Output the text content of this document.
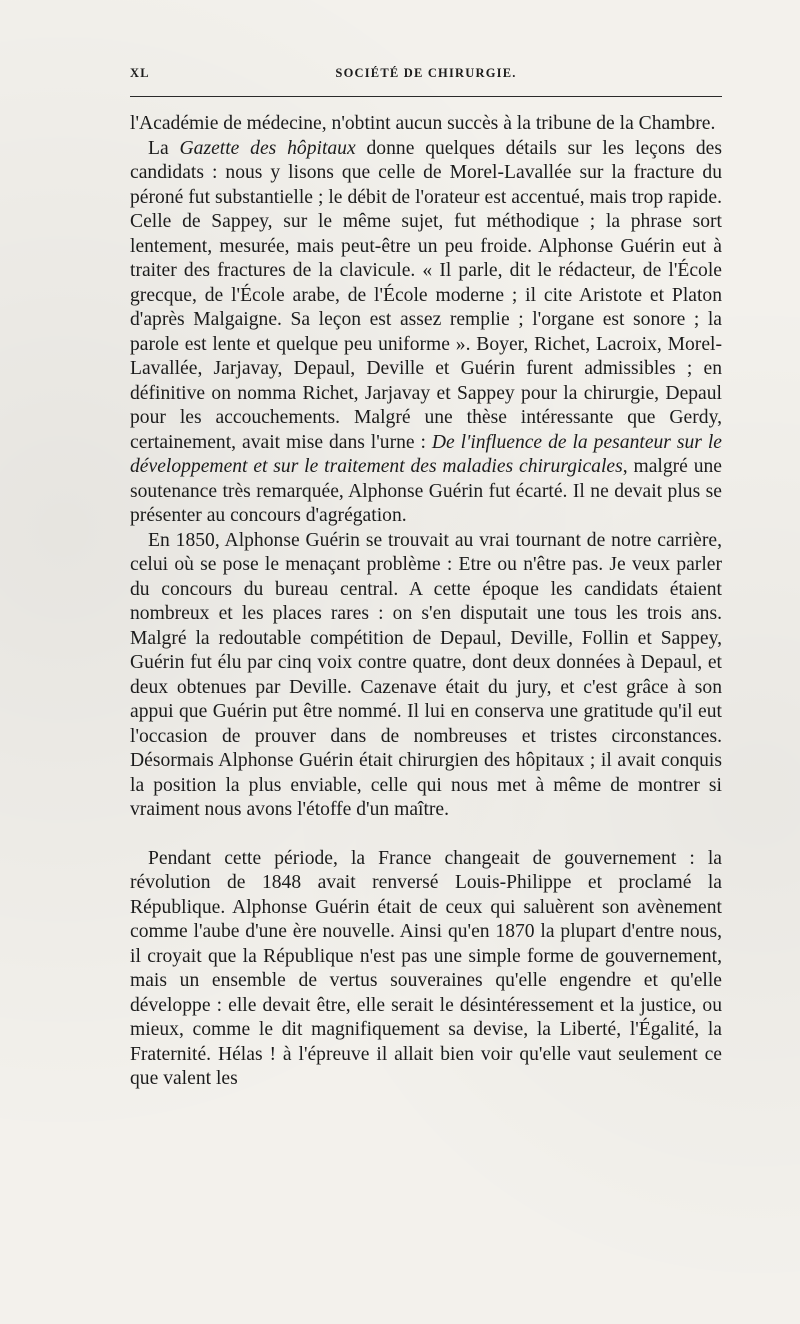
XL	SOCIÉTÉ DE CHIRURGIE.

l'Académie de médecine, n'obtint aucun succès à la tribune de la Chambre.

La Gazette des hôpitaux donne quelques détails sur les leçons des candidats : nous y lisons que celle de Morel-Lavallée sur la fracture du péroné fut substantielle ; le débit de l'orateur est accentué, mais trop rapide. Celle de Sappey, sur le même sujet, fut méthodique ; la phrase sort lentement, mesurée, mais peut-être un peu froide. Alphonse Guérin eut à traiter des fractures de la clavicule. « Il parle, dit le rédacteur, de l'École grecque, de l'École arabe, de l'École moderne ; il cite Aristote et Platon d'après Malgaigne. Sa leçon est assez remplie ; l'organe est sonore ; la parole est lente et quelque peu uniforme ». Boyer, Richet, Lacroix, Morel-Lavallée, Jarjavay, Depaul, Deville et Guérin furent admissibles ; en définitive on nomma Richet, Jarjavay et Sappey pour la chirurgie, Depaul pour les accouchements. Malgré une thèse intéressante que Gerdy, certainement, avait mise dans l'urne : De l'influence de la pesanteur sur le développement et sur le traitement des maladies chirurgicales, malgré une soutenance très remarquée, Alphonse Guérin fut écarté. Il ne devait plus se présenter au concours d'agrégation.

En 1850, Alphonse Guérin se trouvait au vrai tournant de notre carrière, celui où se pose le menaçant problème : Etre ou n'être pas. Je veux parler du concours du bureau central. A cette époque les candidats étaient nombreux et les places rares : on s'en disputait une tous les trois ans. Malgré la redoutable compétition de Depaul, Deville, Follin et Sappey, Guérin fut élu par cinq voix contre quatre, dont deux données à Depaul, et deux obtenues par Deville. Cazenave était du jury, et c'est grâce à son appui que Guérin put être nommé. Il lui en conserva une gratitude qu'il eut l'occasion de prouver dans de nombreuses et tristes circonstances. Désormais Alphonse Guérin était chirurgien des hôpitaux ; il avait conquis la position la plus enviable, celle qui nous met à même de montrer si vraiment nous avons l'étoffe d'un maître.

Pendant cette période, la France changeait de gouvernement : la révolution de 1848 avait renversé Louis-Philippe et proclamé la République. Alphonse Guérin était de ceux qui saluèrent son avènement comme l'aube d'une ère nouvelle. Ainsi qu'en 1870 la plupart d'entre nous, il croyait que la République n'est pas une simple forme de gouvernement, mais un ensemble de vertus souveraines qu'elle engendre et qu'elle développe : elle devait être, elle serait le désintéressement et la justice, ou mieux, comme le dit magnifiquement sa devise, la Liberté, l'Égalité, la Fraternité. Hélas ! à l'épreuve il allait bien voir qu'elle vaut seulement ce que valent les
